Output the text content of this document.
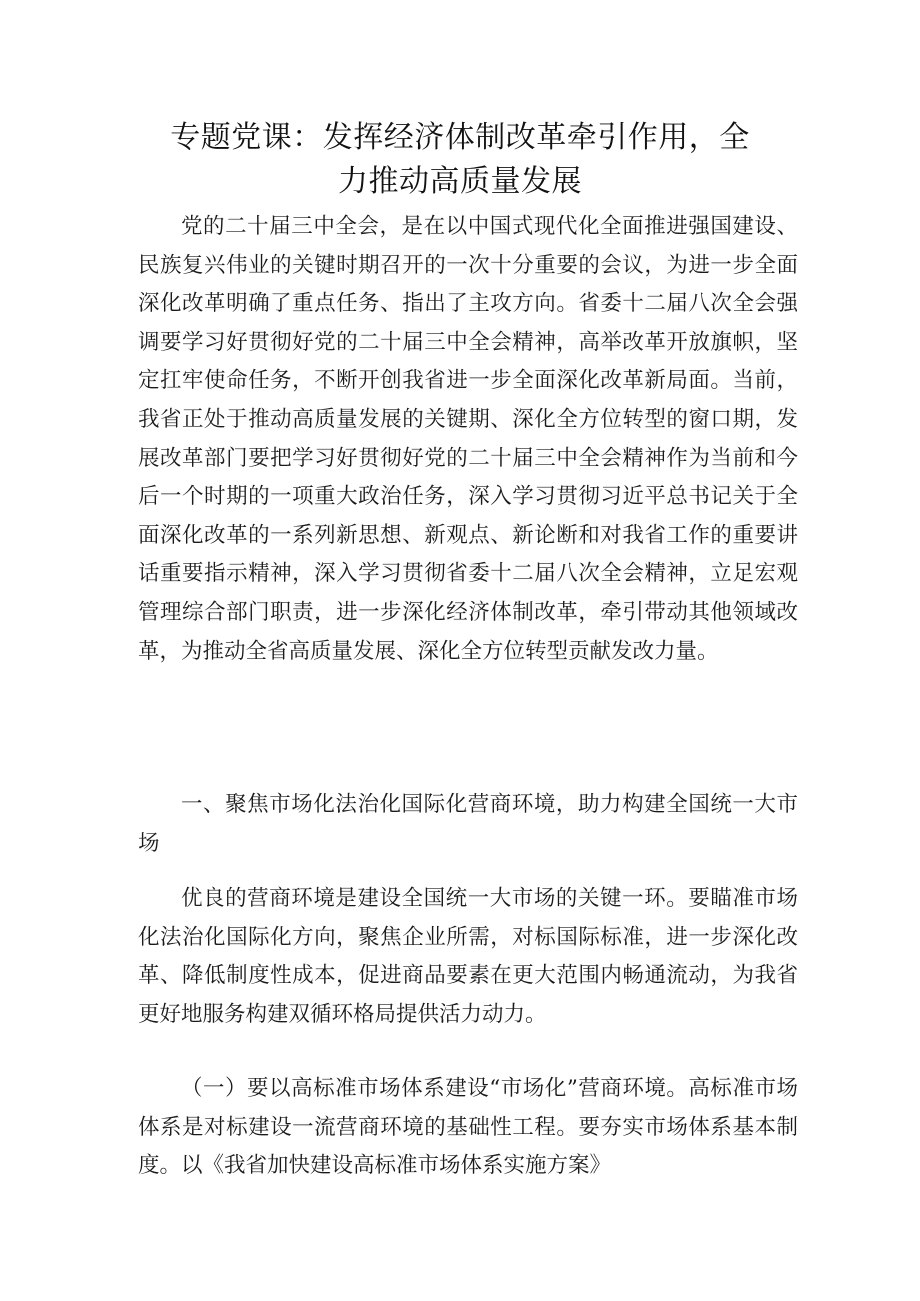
专题党课：发挥经济体制改革牵引作用，全
力推动高质量发展

党的二十届三中全会，是在以中国式现代化全面推进强国建设、民族复兴伟业的关键时期召开的一次十分重要的会议，为进一步全面深化改革明确了重点任务、指出了主攻方向。省委十二届八次全会强调要学习好贯彻好党的二十届三中全会精神，高举改革开放旗帜，坚定扛牢使命任务，不断开创我省进一步全面深化改革新局面。当前，我省正处于推动高质量发展的关键期、深化全方位转型的窗口期，发展改革部门要把学习好贯彻好党的二十届三中全会精神作为当前和今后一个时期的一项重大政治任务，深入学习贯彻习近平总书记关于全面深化改革的一系列新思想、新观点、新论断和对我省工作的重要讲话重要指示精神，深入学习贯彻省委十二届八次全会精神，立足宏观管理综合部门职责，进一步深化经济体制改革，牵引带动其他领域改革，为推动全省高质量发展、深化全方位转型贡献发改力量。

一、聚焦市场化法治化国际化营商环境，助力构建全国统一大市场

优良的营商环境是建设全国统一大市场的关键一环。要瞄准市场化法治化国际化方向，聚焦企业所需，对标国际标准，进一步深化改革、降低制度性成本，促进商品要素在更大范围内畅通流动，为我省更好地服务构建双循环格局提供活力动力。

（一）要以高标准市场体系建设“市场化”营商环境。高标准市场体系是对标建设一流营商环境的基础性工程。要夯实市场体系基本制度。以《我省加快建设高标准市场体系实施方案》
